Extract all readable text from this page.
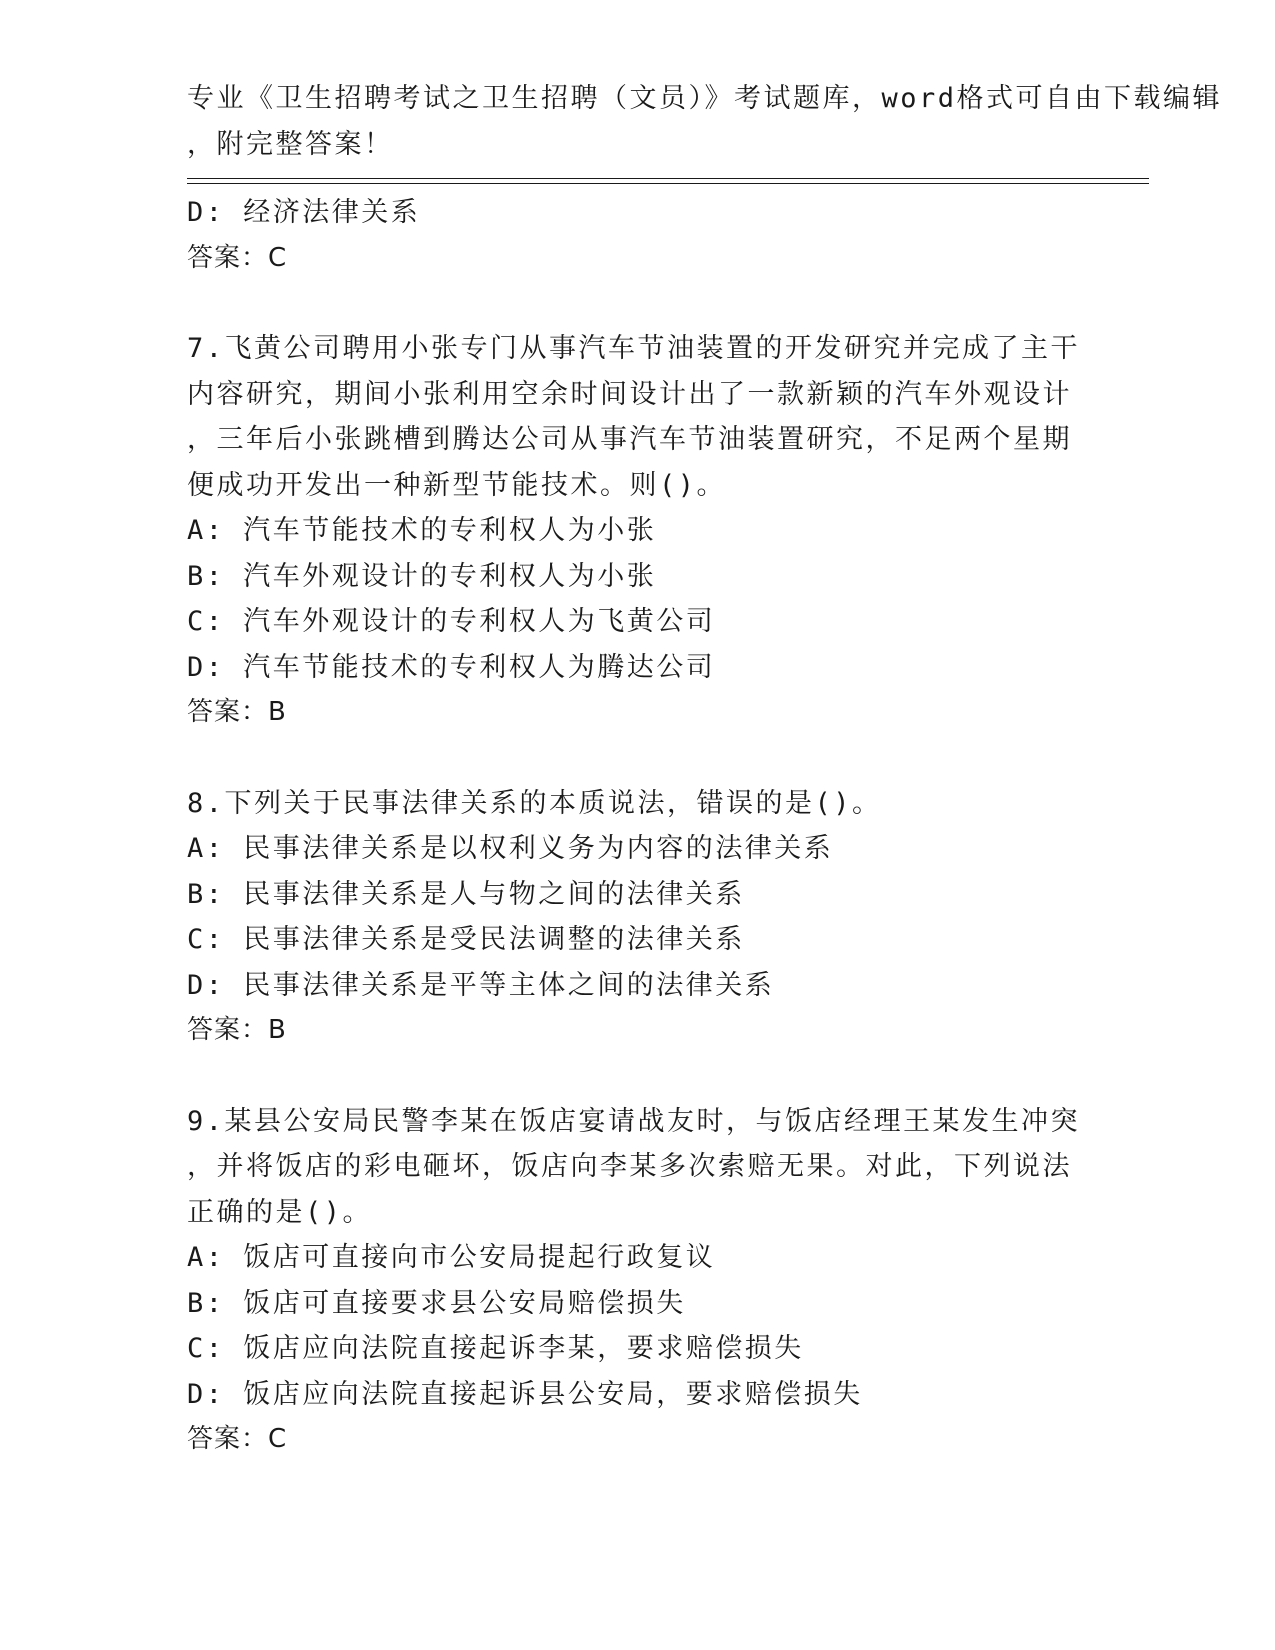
专业《卫生招聘考试之卫生招聘（文员）》考试题库，word格式可自由下载编辑
，附完整答案！
D: 经济法律关系
答案：C
7.飞黄公司聘用小张专门从事汽车节油装置的开发研究并完成了主干
内容研究，期间小张利用空余时间设计出了一款新颖的汽车外观设计
，三年后小张跳槽到腾达公司从事汽车节油装置研究，不足两个星期
便成功开发出一种新型节能技术。则()。
A: 汽车节能技术的专利权人为小张
B: 汽车外观设计的专利权人为小张
C: 汽车外观设计的专利权人为飞黄公司
D: 汽车节能技术的专利权人为腾达公司
答案：B
8.下列关于民事法律关系的本质说法，错误的是()。
A: 民事法律关系是以权利义务为内容的法律关系
B: 民事法律关系是人与物之间的法律关系
C: 民事法律关系是受民法调整的法律关系
D: 民事法律关系是平等主体之间的法律关系
答案：B
9.某县公安局民警李某在饭店宴请战友时，与饭店经理王某发生冲突
，并将饭店的彩电砸坏，饭店向李某多次索赔无果。对此，下列说法
正确的是()。
A: 饭店可直接向市公安局提起行政复议
B: 饭店可直接要求县公安局赔偿损失
C: 饭店应向法院直接起诉李某，要求赔偿损失
D: 饭店应向法院直接起诉县公安局，要求赔偿损失
答案：C
